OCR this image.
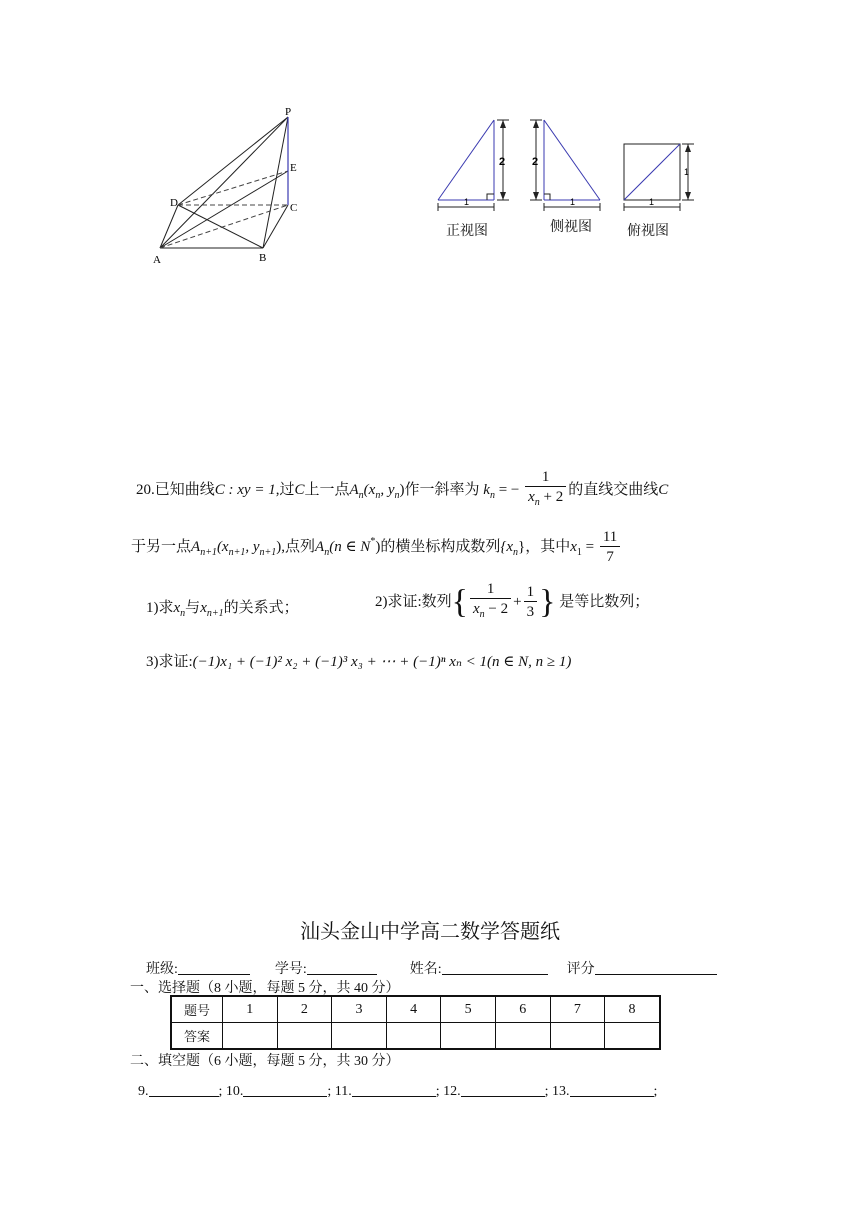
P
E
D	C
A	B
2
1
2
1
1
1
正视图	侧视图	俯视图
20.已知曲线C : xy = 1,过C上一点$A_n(x_n$, $y_n$)作一斜率为 $k_n$ = − $\frac{1}{x_n + 2}$ 的直线交曲线C
于另一点$A_{n+1}(x_{n+1}$, $y_{n+1}$),点列$A_n(n$ ∈ N*)的横坐标构成数列$\{x_n\}$，其中$x_1 = \frac{11}{7}$
1)求$x_n$与$x_{n+1}$的关系式；	2)求证:数列{ $\frac{1}{x_n - 2} + \frac{1}{3}$ } 是等比数列；
3)求证:(−1)x₁ + (−1)² x₂ + (−1)³ x₃ + ⋯ + (−1)ⁿ xₙ < 1(n ∈ N, n ≥ 1)
汕头金山中学高二数学答题纸
班级:	学号:	姓名:	评分
一、选择题（8 小题，每题 5 分，共 40 分）
题号	1	2	3	4	5	6	7	8
答案								
二、填空题（6 小题，每题 5 分，共 30 分）
9.	; 10.	; 11.	; 12.	; 13.	;
